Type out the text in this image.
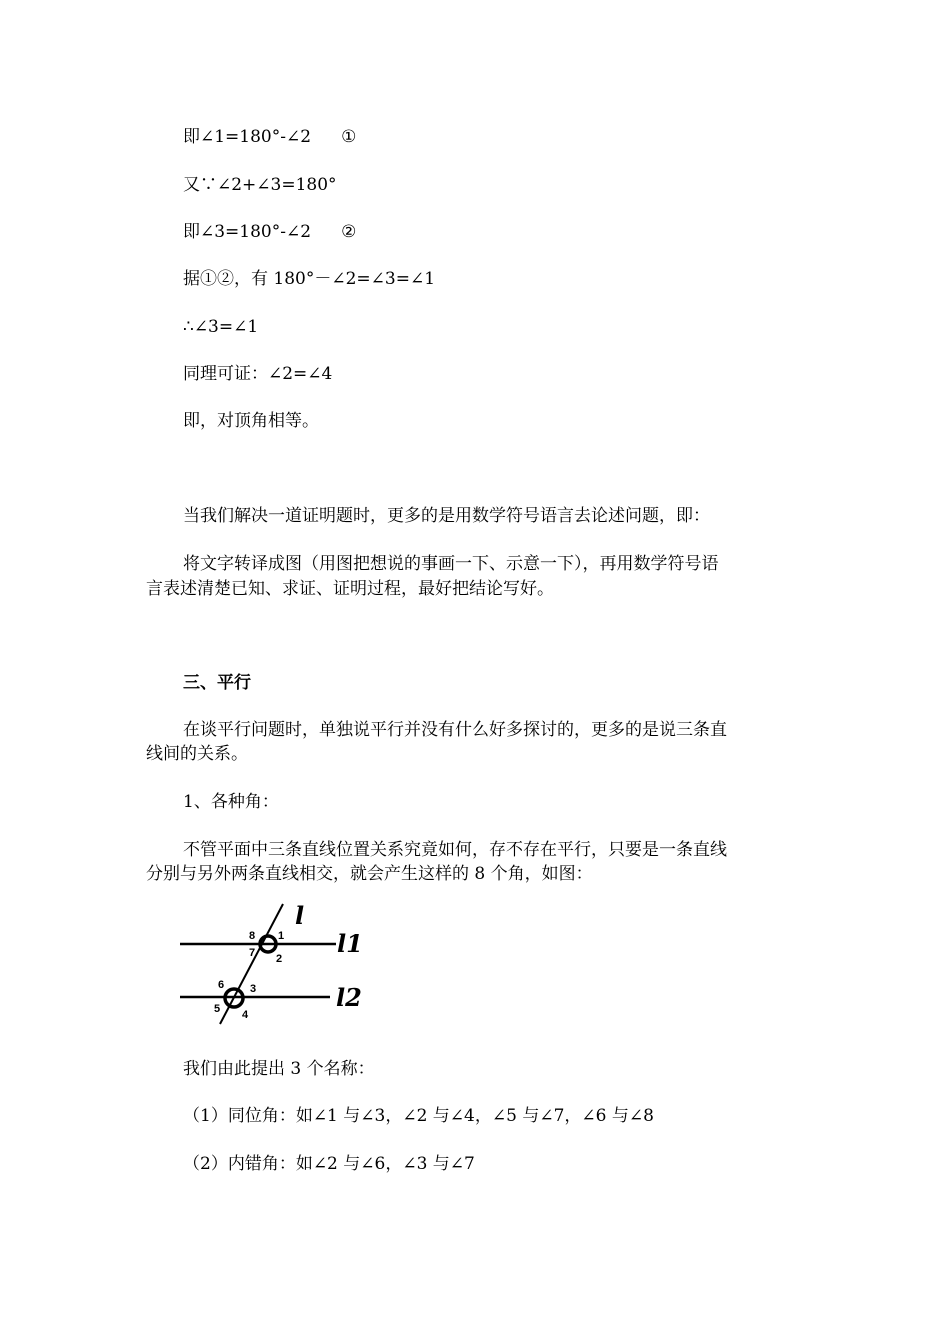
即∠1=180°-∠2 ①
又∵∠2+∠3=180°
即∠3=180°-∠2 ②
据①②，有 180°－∠2=∠3=∠1
∴∠3=∠1
同理可证：∠2=∠4
即，对顶角相等。
当我们解决一道证明题时，更多的是用数学符号语言去论述问题，即：
将文字转译成图（用图把想说的事画一下、示意一下），再用数学符号语
言表述清楚已知、求证、证明过程，最好把结论写好。
三、平行
在谈平行问题时，单独说平行并没有什么好多探讨的，更多的是说三条直
线间的关系。
1、各种角：
不管平面中三条直线位置关系究竟如何，存不存在平行，只要是一条直线
分别与另外两条直线相交，就会产生这样的 8 个角，如图：
8 1
7 2
6 3
5 4
l
l1
l2
我们由此提出 3 个名称：
（1）同位角：如∠1 与∠3，∠2 与∠4，∠5 与∠7，∠6 与∠8
（2）内错角：如∠2 与∠6，∠3 与∠7
